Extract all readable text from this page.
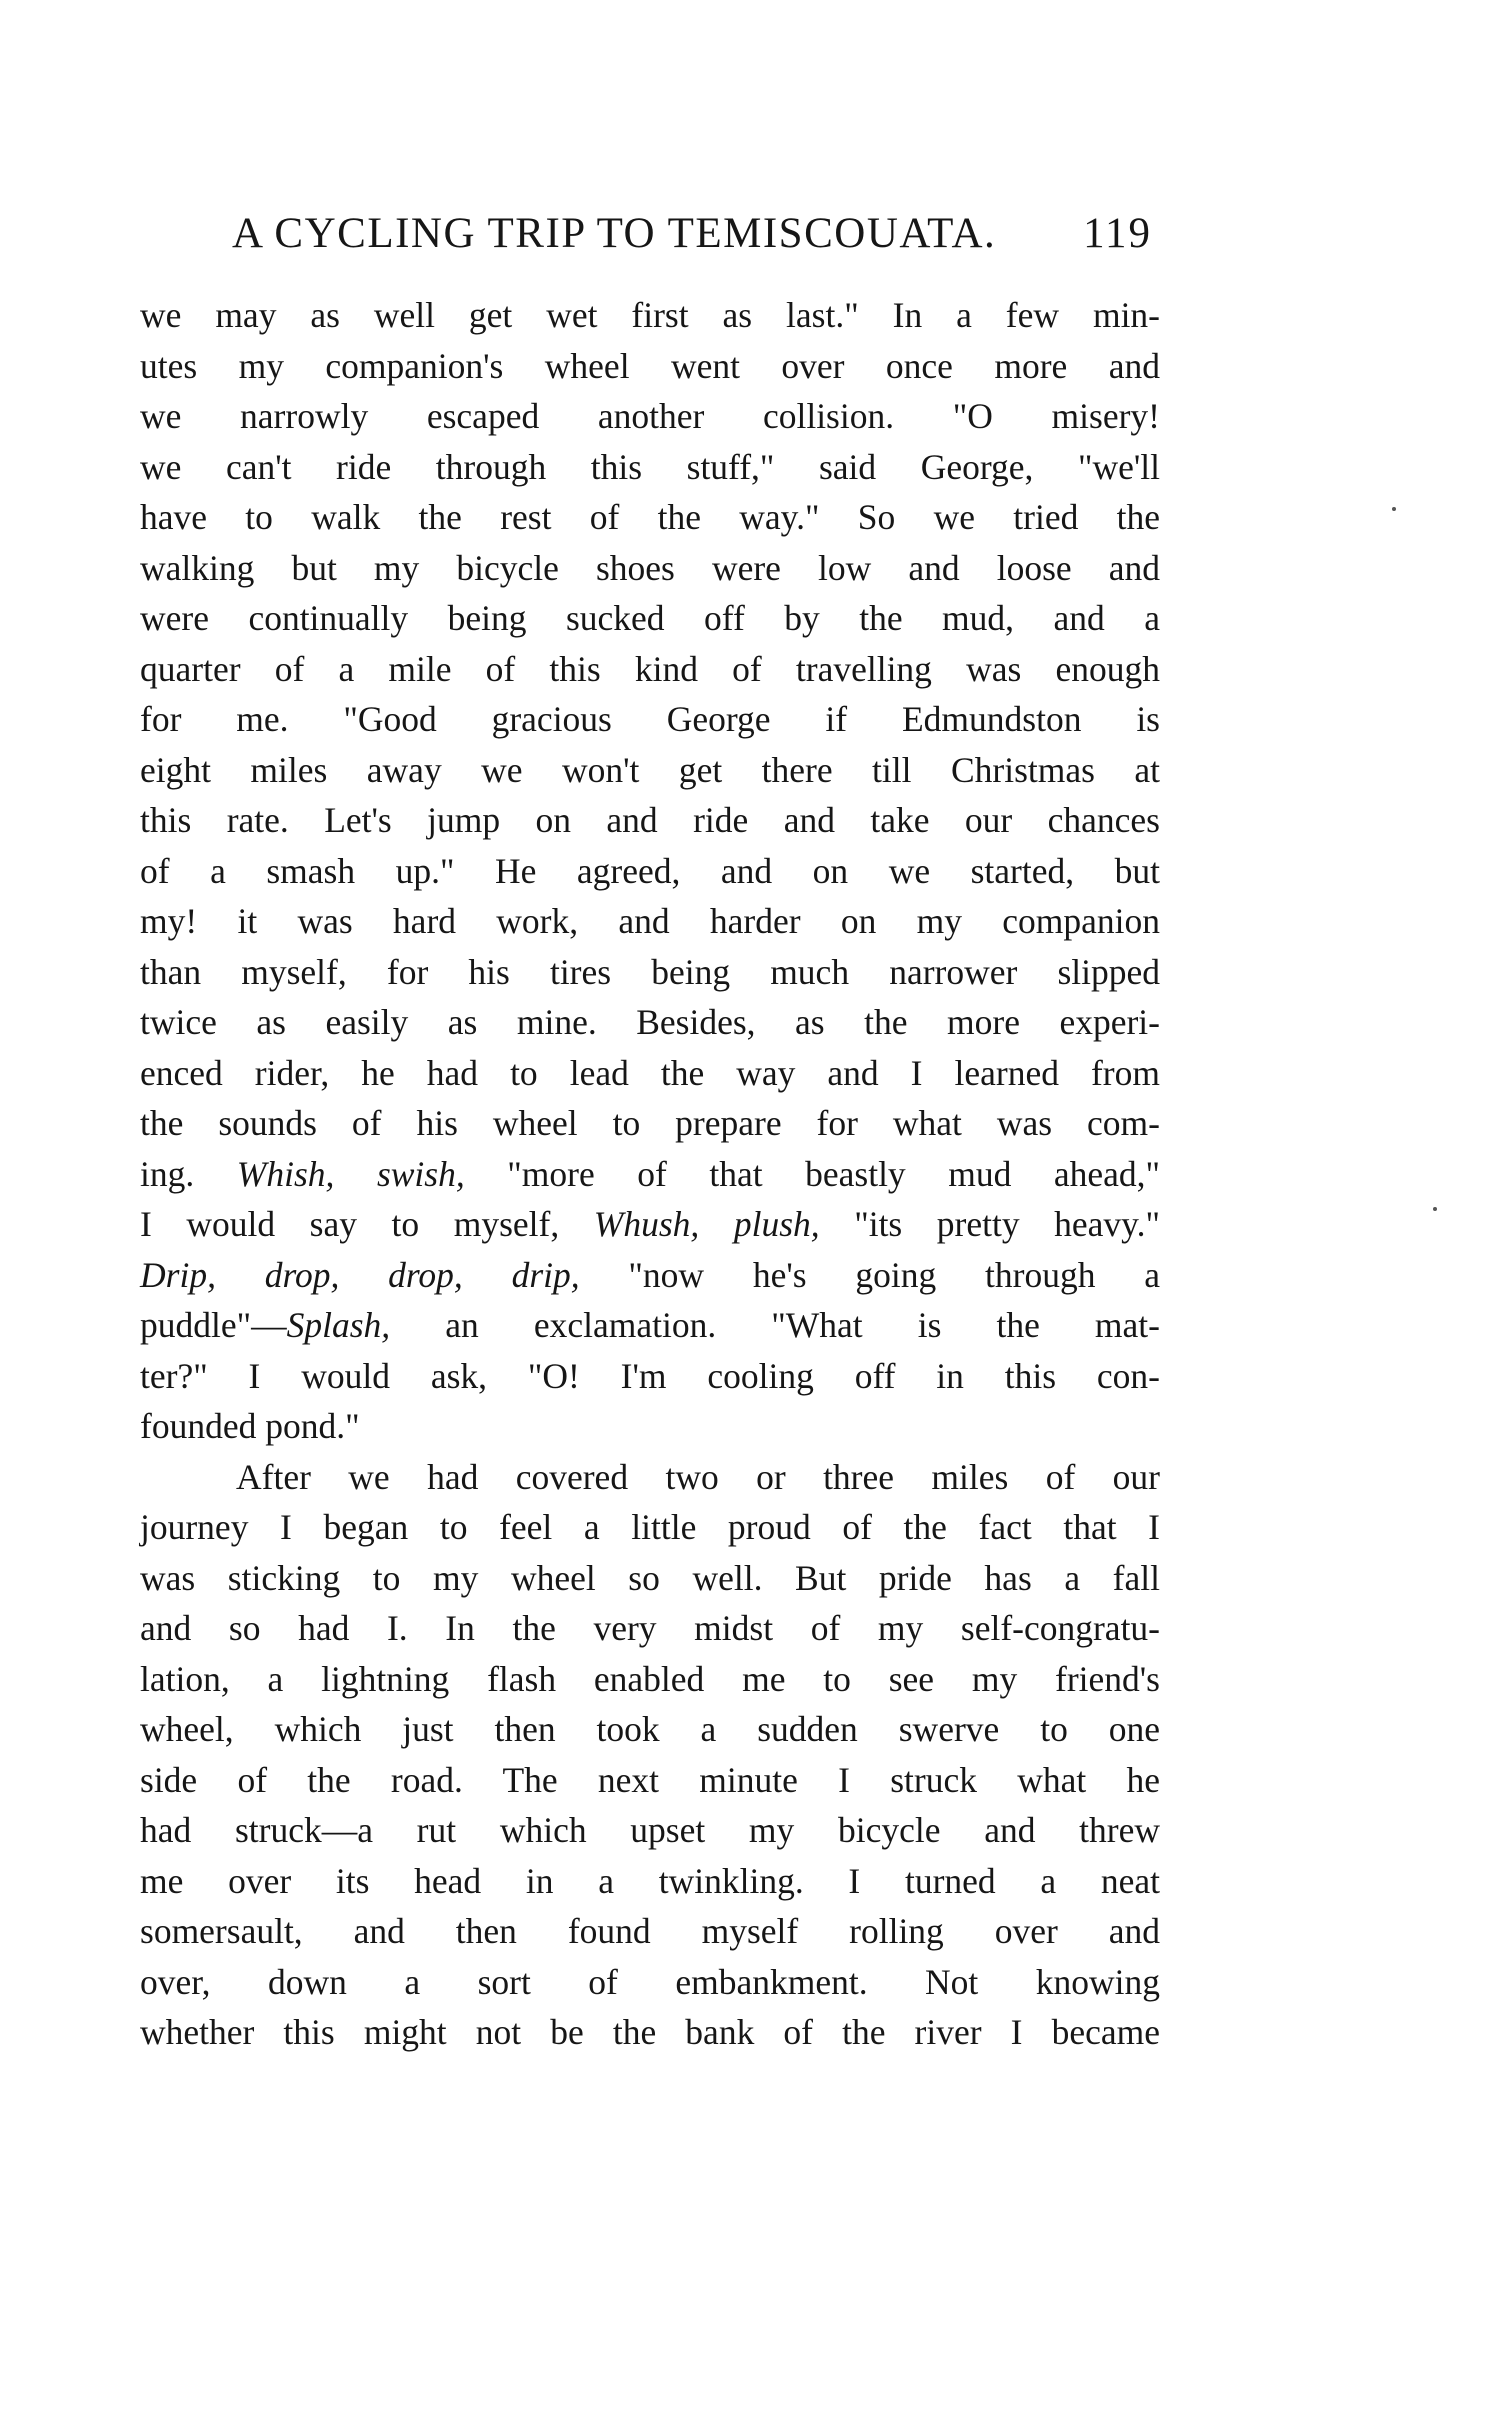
A CYCLING TRIP TO TEMISCOUATA. 119
we may as well get wet first as last." In a few min-
utes my companion's wheel went over once more and
we narrowly escaped another collision. "O misery!
we can't ride through this stuff," said George, "we'll
have to walk the rest of the way." So we tried the
walking but my bicycle shoes were low and loose and
were continually being sucked off by the mud, and a
quarter of a mile of this kind of travelling was enough
for me. "Good gracious George if Edmundston is
eight miles away we won't get there till Christmas at
this rate. Let's jump on and ride and take our chances
of a smash up." He agreed, and on we started, but
my! it was hard work, and harder on my companion
than myself, for his tires being much narrower slipped
twice as easily as mine. Besides, as the more experi-
enced rider, he had to lead the way and I learned from
the sounds of his wheel to prepare for what was com-
ing. Whish, swish, "more of that beastly mud ahead,"
I would say to myself, Whush, plush, "its pretty heavy."
Drip, drop, drop, drip, "now he's going through a
puddle"—Splash, an exclamation. "What is the mat-
ter?" I would ask, "O! I'm cooling off in this con-
founded pond."
After we had covered two or three miles of our
journey I began to feel a little proud of the fact that I
was sticking to my wheel so well. But pride has a fall
and so had I. In the very midst of my self-congratu-
lation, a lightning flash enabled me to see my friend's
wheel, which just then took a sudden swerve to one
side of the road. The next minute I struck what he
had struck—a rut which upset my bicycle and threw
me over its head in a twinkling. I turned a neat
somersault, and then found myself rolling over and
over, down a sort of embankment. Not knowing
whether this might not be the bank of the river I became
